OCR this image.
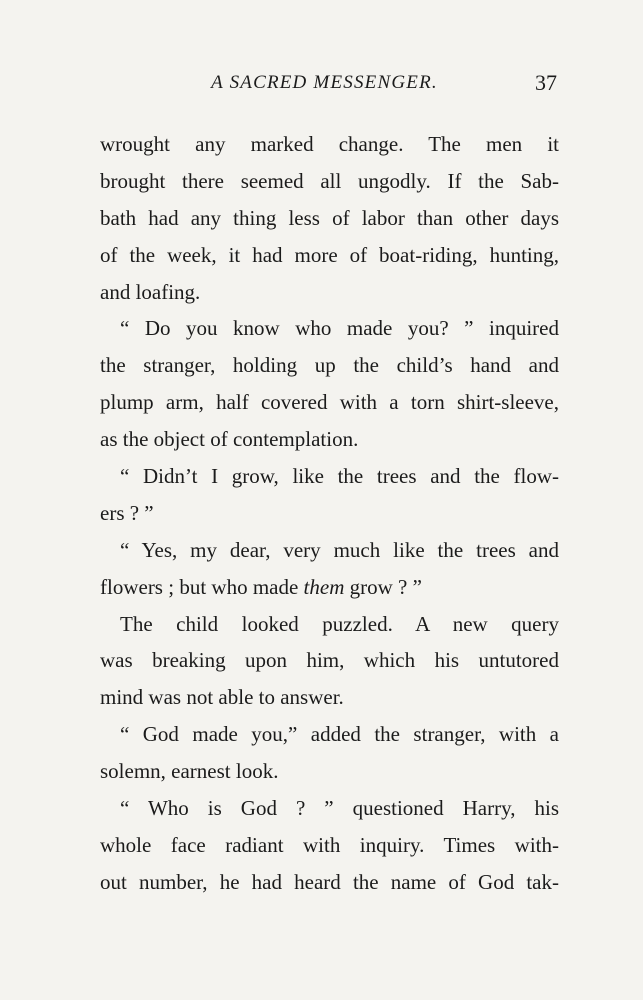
A SACRED MESSENGER.	37
wrought any marked change. The men it
brought there seemed all ungodly. If the Sab-
bath had any thing less of labor than other days
of the week, it had more of boat-riding, hunting,
and loafing.
“ Do you know who made you? ” inquired
the stranger, holding up the child’s hand and
plump arm, half covered with a torn shirt-sleeve,
as the object of contemplation.
“ Didn’t I grow, like the trees and the flow-
ers ? ”
“ Yes, my dear, very much like the trees and
flowers ; but who made them grow ? ”
The child looked puzzled. A new query
was breaking upon him, which his untutored
mind was not able to answer.
“ God made you,” added the stranger, with a
solemn, earnest look.
“ Who is God ? ” questioned Harry, his
whole face radiant with inquiry. Times with-
out number, he had heard the name of God tak-
